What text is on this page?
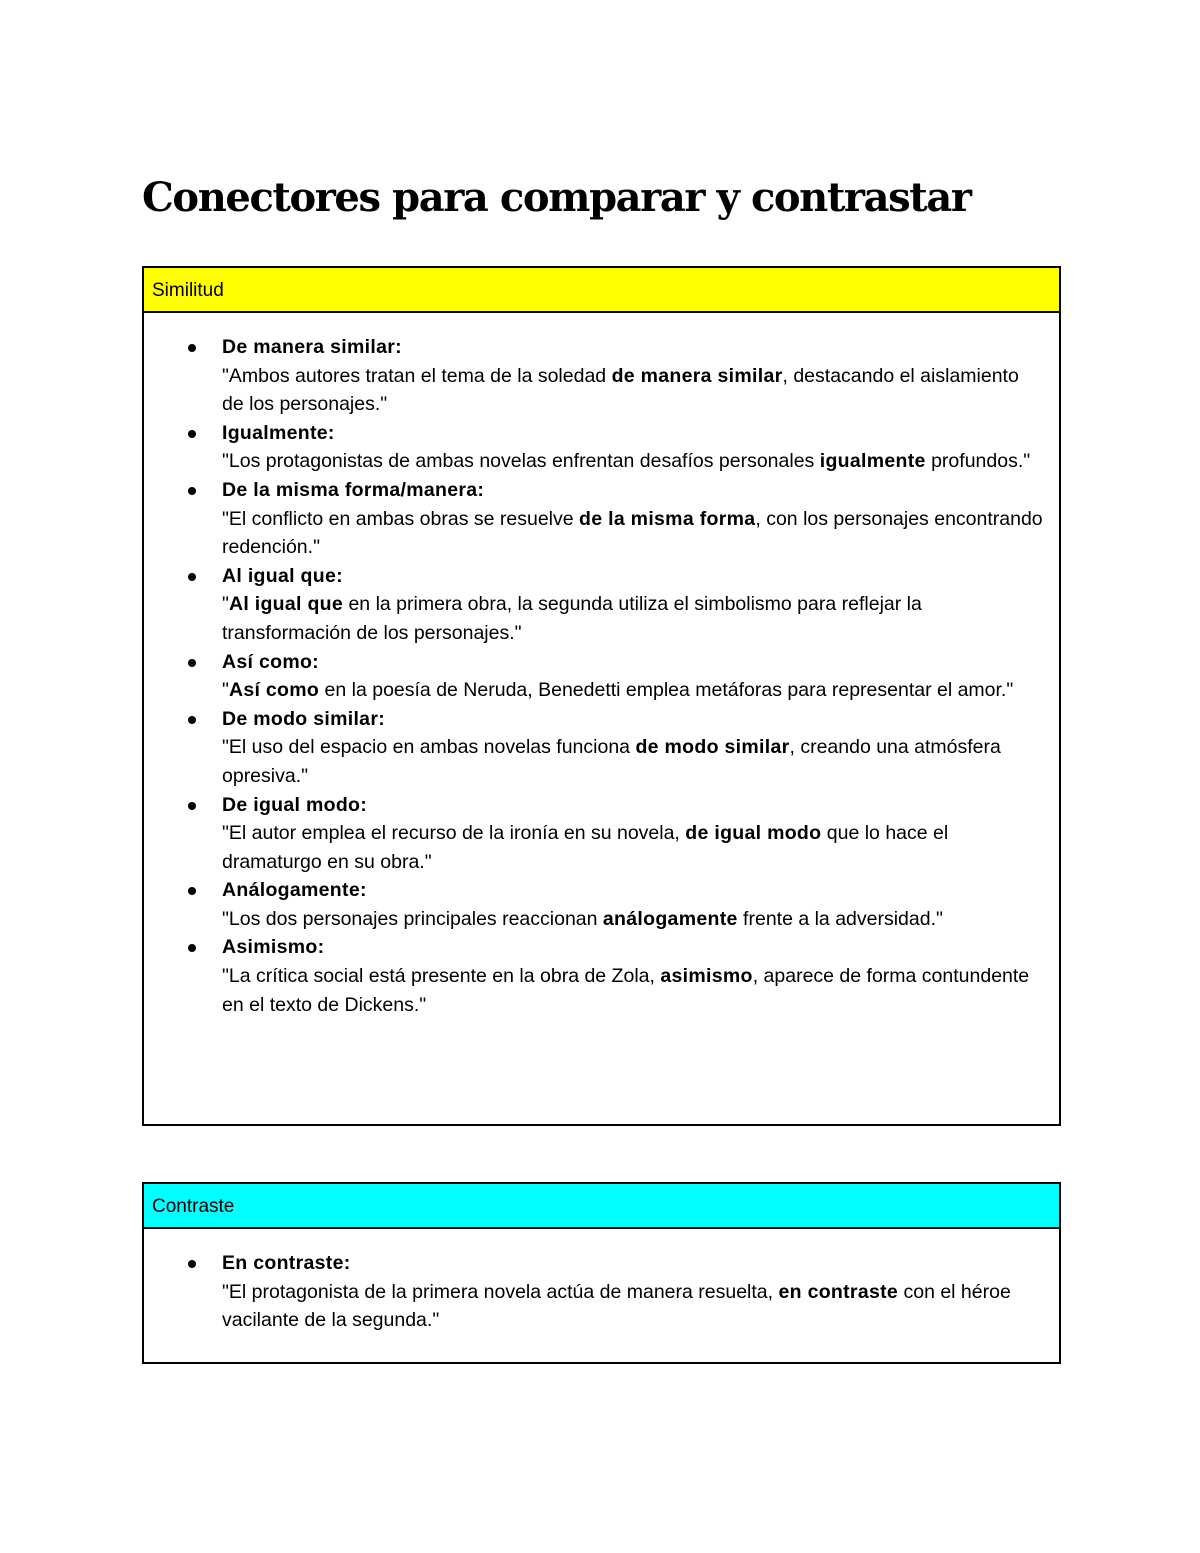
Conectores para comparar y contrastar
Similitud
De manera similar:
"Ambos autores tratan el tema de la soledad de manera similar, destacando el aislamiento de los personajes."
Igualmente:
"Los protagonistas de ambas novelas enfrentan desafíos personales igualmente profundos."
De la misma forma/manera:
"El conflicto en ambas obras se resuelve de la misma forma, con los personajes encontrando redención."
Al igual que:
"Al igual que en la primera obra, la segunda utiliza el simbolismo para reflejar la transformación de los personajes."
Así como:
"Así como en la poesía de Neruda, Benedetti emplea metáforas para representar el amor."
De modo similar:
"El uso del espacio en ambas novelas funciona de modo similar, creando una atmósfera opresiva."
De igual modo:
"El autor emplea el recurso de la ironía en su novela, de igual modo que lo hace el dramaturgo en su obra."
Análogamente:
"Los dos personajes principales reaccionan análogamente frente a la adversidad."
Asimismo:
"La crítica social está presente en la obra de Zola, asimismo, aparece de forma contundente en el texto de Dickens."
Contraste
En contraste:
"El protagonista de la primera novela actúa de manera resuelta, en contraste con el héroe vacilante de la segunda."
